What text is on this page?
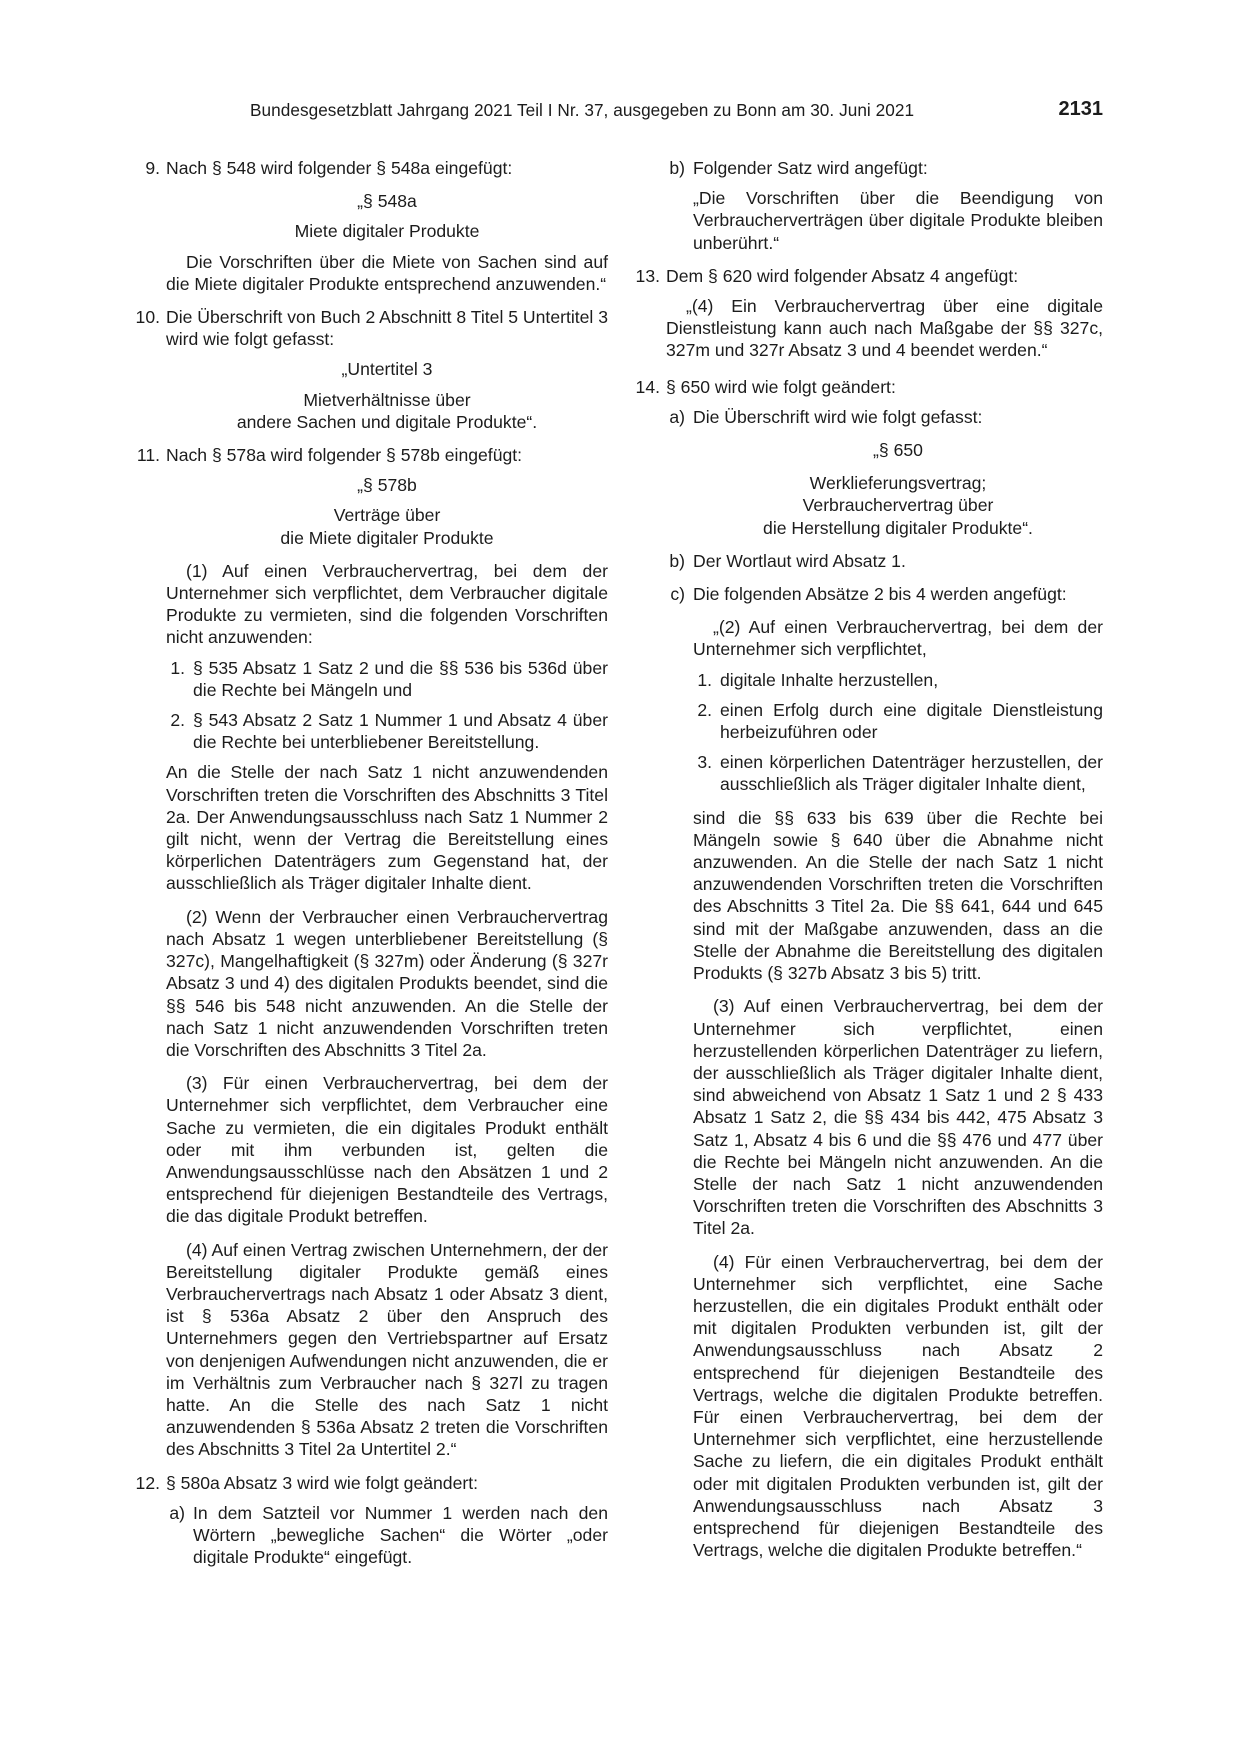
Bundesgesetzblatt Jahrgang 2021 Teil I Nr. 37, ausgegeben zu Bonn am 30. Juni 2021	2131
9. Nach § 548 wird folgender § 548a eingefügt:

„§ 548a

Miete digitaler Produkte

Die Vorschriften über die Miete von Sachen sind auf die Miete digitaler Produkte entsprechend anzuwenden.“

10. Die Überschrift von Buch 2 Abschnitt 8 Titel 5 Untertitel 3 wird wie folgt gefasst:

„Untertitel 3

Mietverhältnisse über

andere Sachen und digitale Produkte“.

11. Nach § 578a wird folgender § 578b eingefügt:

„§ 578b

Verträge über

die Miete digitaler Produkte

(1) Auf einen Verbrauchervertrag, bei dem der Unternehmer sich verpflichtet, dem Verbraucher digitale Produkte zu vermieten, sind die folgenden Vorschriften nicht anzuwenden:

1. § 535 Absatz 1 Satz 2 und die §§ 536 bis 536d über die Rechte bei Mängeln und

2. § 543 Absatz 2 Satz 1 Nummer 1 und Absatz 4 über die Rechte bei unterbliebener Bereitstellung.

An die Stelle der nach Satz 1 nicht anzuwendenden Vorschriften treten die Vorschriften des Abschnitts 3 Titel 2a. Der Anwendungsausschluss nach Satz 1 Nummer 2 gilt nicht, wenn der Vertrag die Bereitstellung eines körperlichen Datenträgers zum Gegenstand hat, der ausschließlich als Träger digitaler Inhalte dient.

(2) Wenn der Verbraucher einen Verbrauchervertrag nach Absatz 1 wegen unterbliebener Bereitstellung (§ 327c), Mangelhaftigkeit (§ 327m) oder Änderung (§ 327r Absatz 3 und 4) des digitalen Produkts beendet, sind die §§ 546 bis 548 nicht anzuwenden. An die Stelle der nach Satz 1 nicht anzuwendenden Vorschriften treten die Vorschriften des Abschnitts 3 Titel 2a.

(3) Für einen Verbrauchervertrag, bei dem der Unternehmer sich verpflichtet, dem Verbraucher eine Sache zu vermieten, die ein digitales Produkt enthält oder mit ihm verbunden ist, gelten die Anwendungsausschlüsse nach den Absätzen 1 und 2 entsprechend für diejenigen Bestandteile des Vertrags, die das digitale Produkt betreffen.

(4) Auf einen Vertrag zwischen Unternehmern, der der Bereitstellung digitaler Produkte gemäß eines Verbrauchervertrags nach Absatz 1 oder Absatz 3 dient, ist § 536a Absatz 2 über den Anspruch des Unternehmers gegen den Vertriebspartner auf Ersatz von denjenigen Aufwendungen nicht anzuwenden, die er im Verhältnis zum Verbraucher nach § 327l zu tragen hatte. An die Stelle des nach Satz 1 nicht anzuwendenden § 536a Absatz 2 treten die Vorschriften des Abschnitts 3 Titel 2a Untertitel 2.“

12. § 580a Absatz 3 wird wie folgt geändert:

a) In dem Satzteil vor Nummer 1 werden nach den Wörtern „bewegliche Sachen“ die Wörter „oder digitale Produkte“ eingefügt.

b) Folgender Satz wird angefügt:

„Die Vorschriften über die Beendigung von Verbraucherverträgen über digitale Produkte bleiben unberührt.“

13. Dem § 620 wird folgender Absatz 4 angefügt:

„(4) Ein Verbrauchervertrag über eine digitale Dienstleistung kann auch nach Maßgabe der §§ 327c, 327m und 327r Absatz 3 und 4 beendet werden.“

14. § 650 wird wie folgt geändert:

a) Die Überschrift wird wie folgt gefasst:

„§ 650

Werklieferungsvertrag;

Verbrauchervertrag über

die Herstellung digitaler Produkte“.

b) Der Wortlaut wird Absatz 1.

c) Die folgenden Absätze 2 bis 4 werden angefügt:

„(2) Auf einen Verbrauchervertrag, bei dem der Unternehmer sich verpflichtet,

1. digitale Inhalte herzustellen,

2. einen Erfolg durch eine digitale Dienstleistung herbeizuführen oder

3. einen körperlichen Datenträger herzustellen, der ausschließlich als Träger digitaler Inhalte dient,

sind die §§ 633 bis 639 über die Rechte bei Mängeln sowie § 640 über die Abnahme nicht anzuwenden. An die Stelle der nach Satz 1 nicht anzuwendenden Vorschriften treten die Vorschriften des Abschnitts 3 Titel 2a. Die §§ 641, 644 und 645 sind mit der Maßgabe anzuwenden, dass an die Stelle der Abnahme die Bereitstellung des digitalen Produkts (§ 327b Absatz 3 bis 5) tritt.

(3) Auf einen Verbrauchervertrag, bei dem der Unternehmer sich verpflichtet, einen herzustellenden körperlichen Datenträger zu liefern, der ausschließlich als Träger digitaler Inhalte dient, sind abweichend von Absatz 1 Satz 1 und 2 § 433 Absatz 1 Satz 2, die §§ 434 bis 442, 475 Absatz 3 Satz 1, Absatz 4 bis 6 und die §§ 476 und 477 über die Rechte bei Mängeln nicht anzuwenden. An die Stelle der nach Satz 1 nicht anzuwendenden Vorschriften treten die Vorschriften des Abschnitts 3 Titel 2a.

(4) Für einen Verbrauchervertrag, bei dem der Unternehmer sich verpflichtet, eine Sache herzustellen, die ein digitales Produkt enthält oder mit digitalen Produkten verbunden ist, gilt der Anwendungsausschluss nach Absatz 2 entsprechend für diejenigen Bestandteile des Vertrags, welche die digitalen Produkte betreffen. Für einen Verbrauchervertrag, bei dem der Unternehmer sich verpflichtet, eine herzustellende Sache zu liefern, die ein digitales Produkt enthält oder mit digitalen Produkten verbunden ist, gilt der Anwendungsausschluss nach Absatz 3 entsprechend für diejenigen Bestandteile des Vertrags, welche die digitalen Produkte betreffen.“
